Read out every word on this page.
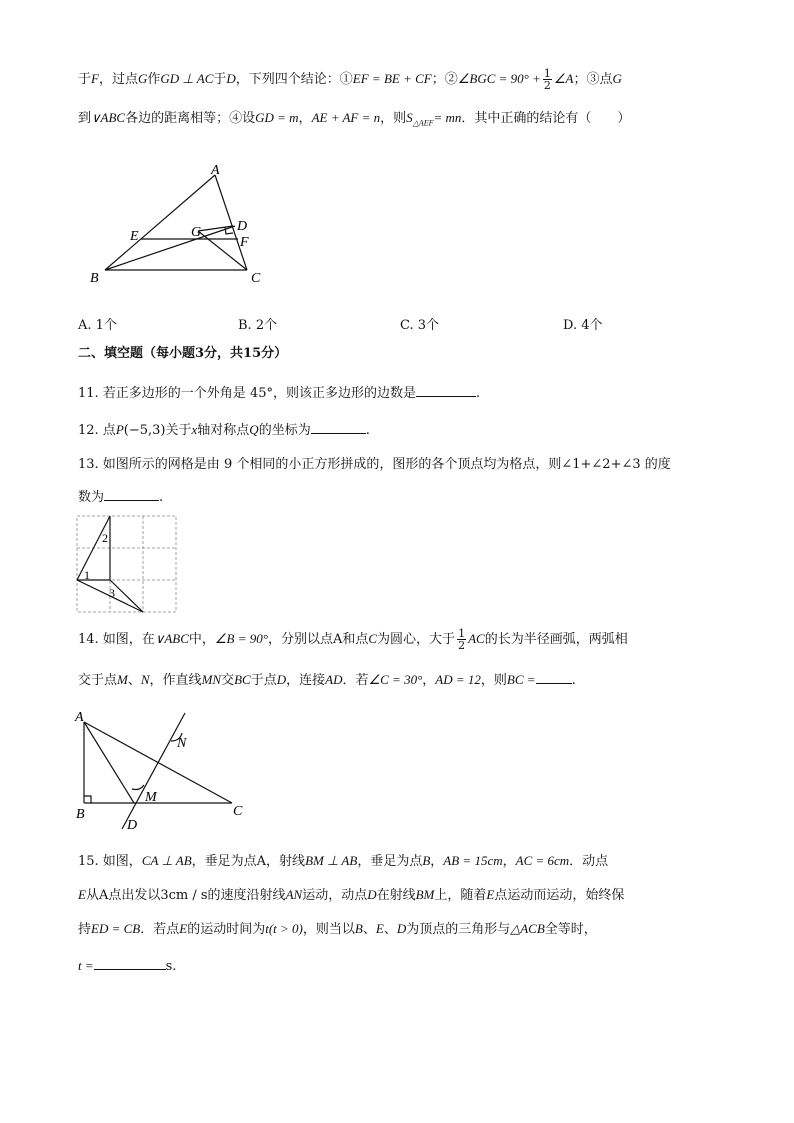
于F，过点G作GD ⊥ AC于D，下列四个结论：①EF = BE + CF；②∠BGC = $90^\circ + \frac{1}{2}$ ∠A；③点G
到∨ABC各边的距离相等；④设GD = m，AE + AF = n，则$S_{\triangle AEF}=$ mn．其中正确的结论有（　　）
A
B	C
D
E	F
G
A. 1个	B. 2个	C. 3个	D. 4个
二、填空题（每小题3分，共15分）
11. 若正多边形的一个外角是 45°，则该正多边形的边数是	.
12. 点P(−5,3)关于x轴对称点Q的坐标为	.
13. 如图所示的网格是由 9 个相同的小正方形拼成的，图形的各个顶点均为格点，则∠1+∠2+∠3 的度
数为	.
1
2
3
14. 如图，在∨ABC中，∠B = 90°，分别以点A和点C为圆心，大于 $\frac{1}{2}$ AC的长为半径画弧，两弧相
交于点M、N，作直线MN交BC于点D，连接AD．若∠C = 30°，AD = 12，则BC =	.
A
B	C
D
M
N
15. 如图，CA ⊥ AB，垂足为点A，射线BM ⊥ AB，垂足为点B，AB = 15cm，AC = 6cm．动点
E从A点出发以3cm / s的速度沿射线AN运动，动点D在射线BM上，随着E点运动而运动，始终保
持ED = CB．若点E的运动时间为t(t > 0)，则当以B、E、D为顶点的三角形与△ACB全等时，
t =	s.
